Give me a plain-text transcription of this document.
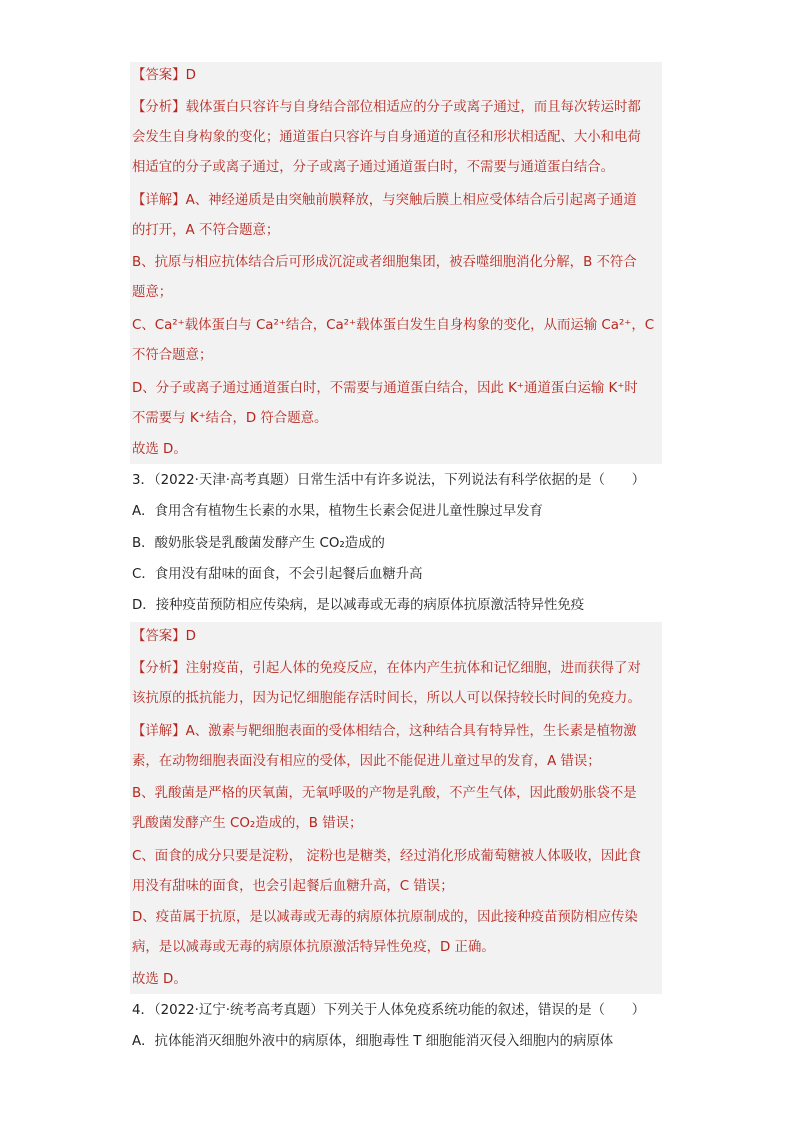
【答案】D
【分析】载体蛋白只容许与自身结合部位相适应的分子或离子通过，而且每次转运时都
会发生自身构象的变化；通道蛋白只容许与自身通道的直径和形状相适配、大小和电荷
相适宜的分子或离子通过，分子或离子通过通道蛋白时，不需要与通道蛋白结合。
【详解】A、神经递质是由突触前膜释放，与突触后膜上相应受体结合后引起离子通道
的打开，A 不符合题意；
B、抗原与相应抗体结合后可形成沉淀或者细胞集团，被吞噬细胞消化分解，B 不符合
题意；
C、Ca²⁺载体蛋白与 Ca²⁺结合，Ca²⁺载体蛋白发生自身构象的变化，从而运输 Ca²⁺，C
不符合题意；
D、分子或离子通过通道蛋白时，不需要与通道蛋白结合，因此 K⁺通道蛋白运输 K⁺时
不需要与 K⁺结合，D 符合题意。
故选 D。
3．（2022·天津·高考真题）日常生活中有许多说法，下列说法有科学依据的是（　　）
A．食用含有植物生长素的水果，植物生长素会促进儿童性腺过早发育
B．酸奶胀袋是乳酸菌发酵产生 CO₂造成的
C．食用没有甜味的面食，不会引起餐后血糖升高
D．接种疫苗预防相应传染病，是以减毒或无毒的病原体抗原激活特异性免疫
【答案】D
【分析】注射疫苗，引起人体的免疫反应，在体内产生抗体和记忆细胞，进而获得了对
该抗原的抵抗能力，因为记忆细胞能存活时间长，所以人可以保持较长时间的免疫力。
【详解】A、激素与靶细胞表面的受体相结合，这种结合具有特异性，生长素是植物激
素，在动物细胞表面没有相应的受体，因此不能促进儿童过早的发育，A 错误；
B、乳酸菌是严格的厌氧菌，无氧呼吸的产物是乳酸，不产生气体，因此酸奶胀袋不是
乳酸菌发酵产生 CO₂造成的，B 错误；
C、面食的成分只要是淀粉， 淀粉也是糖类，经过消化形成葡萄糖被人体吸收，因此食
用没有甜味的面食，也会引起餐后血糖升高，C 错误；
D、疫苗属于抗原，是以减毒或无毒的病原体抗原制成的，因此接种疫苗预防相应传染
病，是以减毒或无毒的病原体抗原激活特异性免疫，D 正确。
故选 D。
4．（2022·辽宁·统考高考真题）下列关于人体免疫系统功能的叙述，错误的是（　　）
A．抗体能消灭细胞外液中的病原体，细胞毒性 T 细胞能消灭侵入细胞内的病原体
